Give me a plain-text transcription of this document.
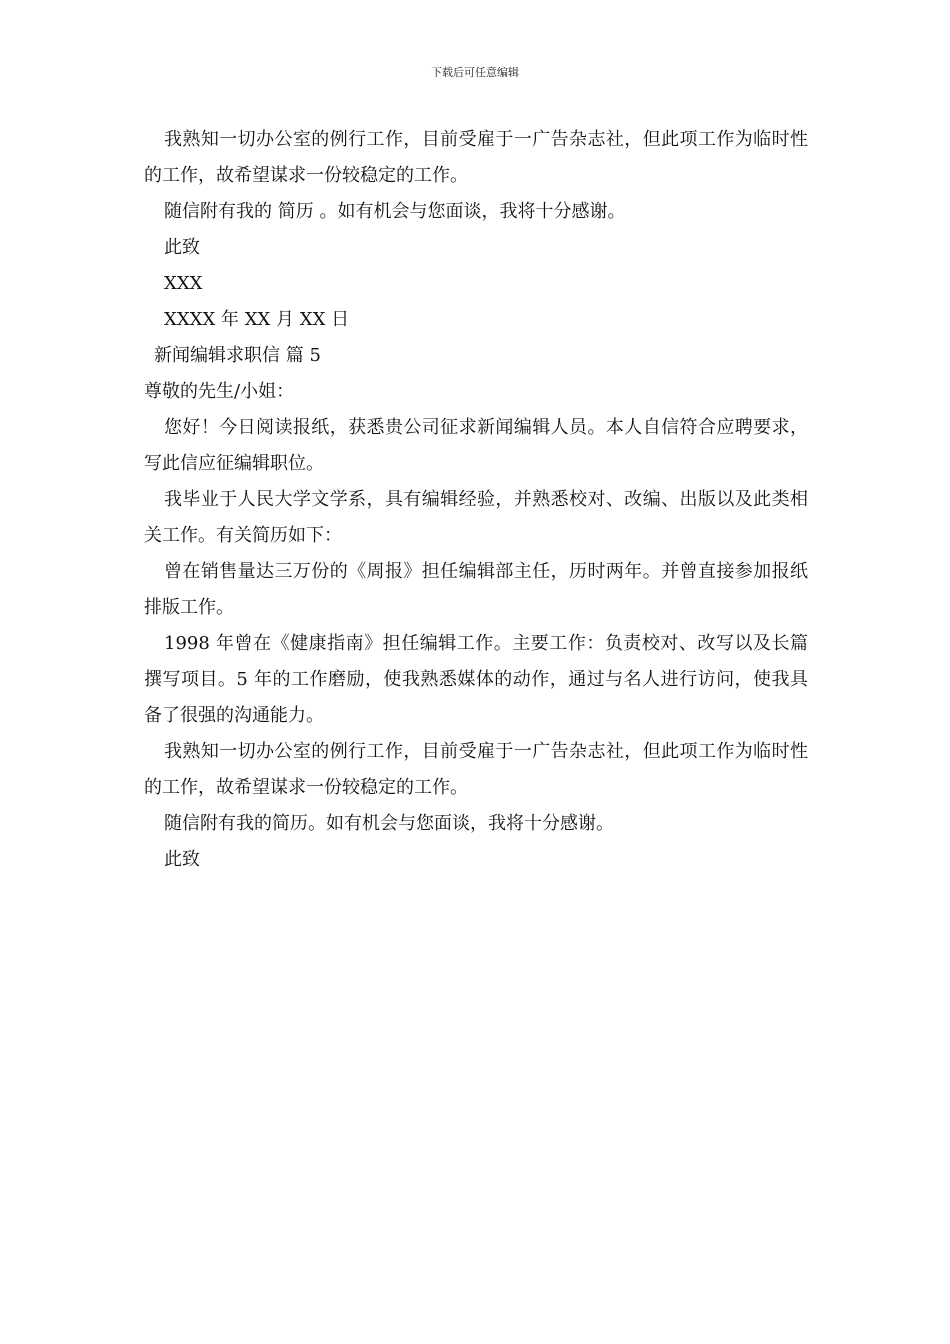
下载后可任意编辑

我熟知一切办公室的例行工作，目前受雇于一广告杂志社，但此项工作为临时性的工作，故希望谋求一份较稳定的工作。

随信附有我的 简历 。如有机会与您面谈，我将十分感谢。

此致

XXX

XXXX 年 XX 月 XX 日

新闻编辑求职信 篇 5

尊敬的先生/小姐：

您好！今日阅读报纸，获悉贵公司征求新闻编辑人员。本人自信符合应聘要求，写此信应征编辑职位。

我毕业于人民大学文学系，具有编辑经验，并熟悉校对、改编、出版以及此类相关工作。有关简历如下：

曾在销售量达三万份的《周报》担任编辑部主任，历时两年。并曾直接参加报纸排版工作。

1998 年曾在《健康指南》担任编辑工作。主要工作：负责校对、改写以及长篇撰写项目。5 年的工作磨励，使我熟悉媒体的动作，通过与名人进行访问，使我具备了很强的沟通能力。

我熟知一切办公室的例行工作，目前受雇于一广告杂志社，但此项工作为临时性的工作，故希望谋求一份较稳定的工作。

随信附有我的简历。如有机会与您面谈，我将十分感谢。

此致
